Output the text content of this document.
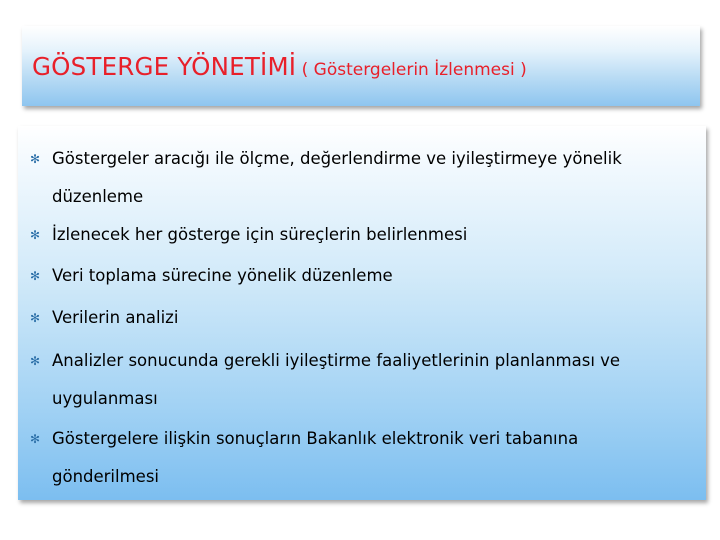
GÖSTERGE YÖNETİMİ ( Göstergelerin İzlenmesi )
✻ Göstergeler aracığı ile ölçme, değerlendirme ve iyileştirmeye yönelik
düzenleme
✻ İzlenecek her gösterge için süreçlerin belirlenmesi
✻ Veri toplama sürecine yönelik düzenleme
✻ Verilerin analizi
✻ Analizler sonucunda gerekli iyileştirme faaliyetlerinin planlanması ve
uygulanması
✻ Göstergelere ilişkin sonuçların Bakanlık elektronik veri tabanına
gönderilmesi
